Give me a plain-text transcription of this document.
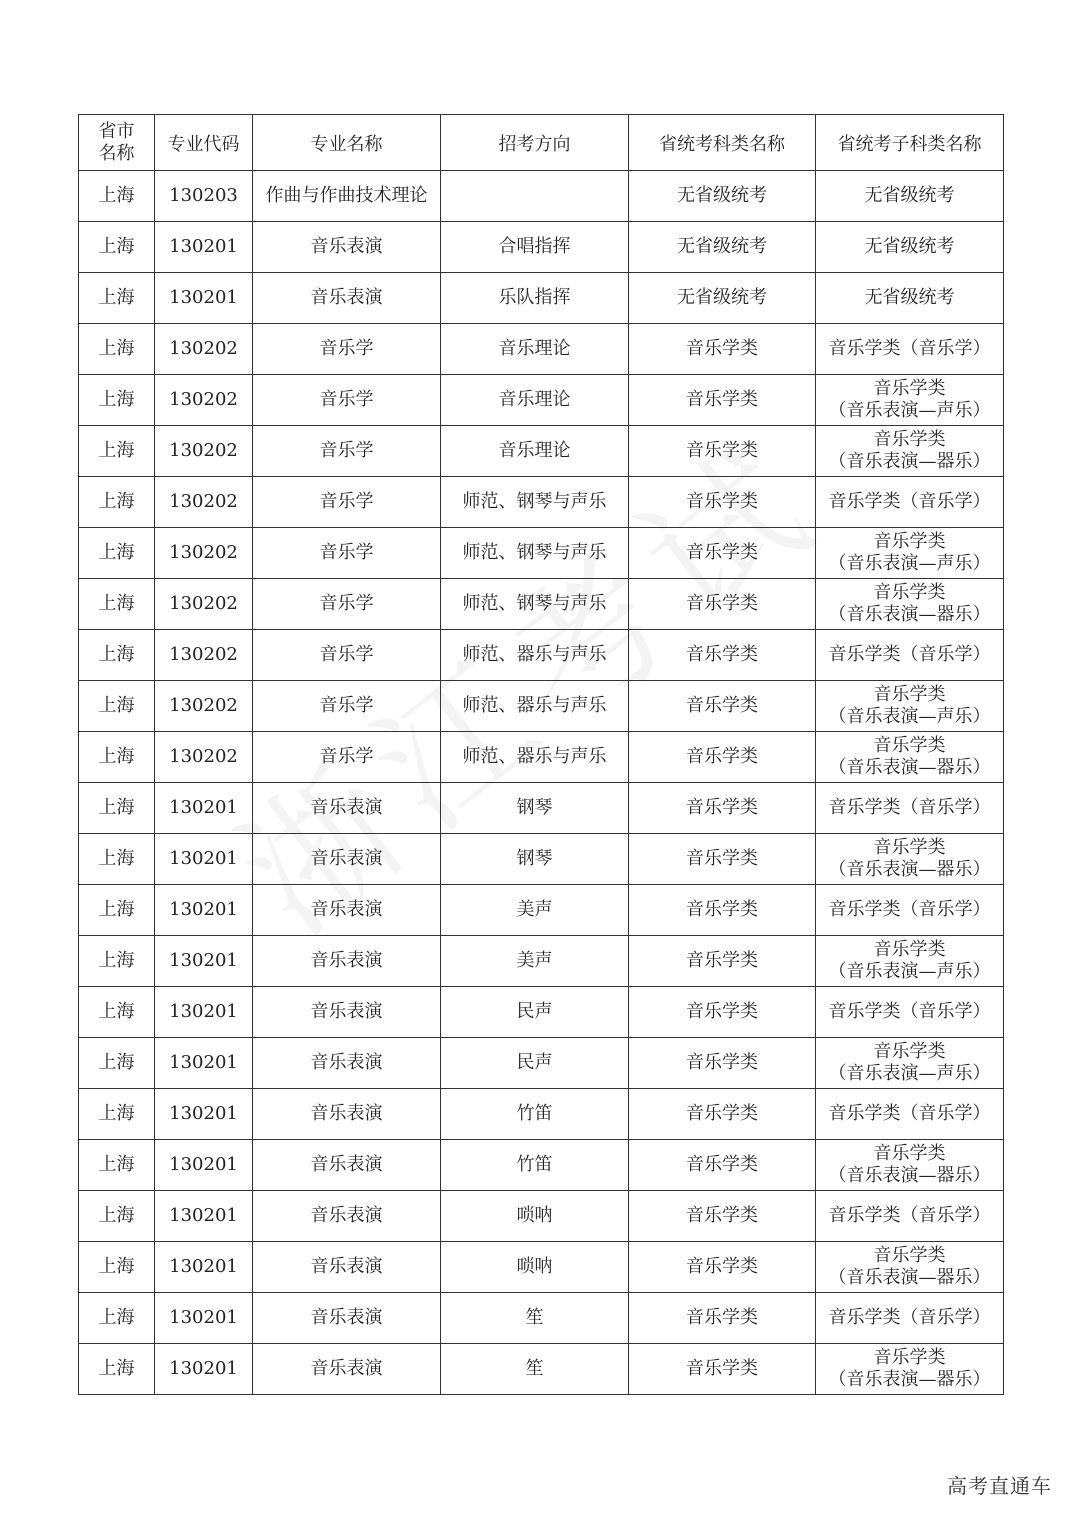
省市
名称	专业代码	专业名称	招考方向	省统考科类名称	省统考子科类名称
上海	130203	作曲与作曲技术理论		无省级统考	无省级统考

上海	130201	音乐表演	合唱指挥	无省级统考	无省级统考

上海	130201	音乐表演	乐队指挥	无省级统考	无省级统考

上海	130202	音乐学	音乐理论	音乐学类	音乐学类（音乐学）

上海	130202	音乐学	音乐理论	音乐学类	音乐学类
（音乐表演—声乐）

上海	130202	音乐学	音乐理论	音乐学类	音乐学类
（音乐表演—器乐）

上海	130202	音乐学	师范、钢琴与声乐	音乐学类	音乐学类（音乐学）

上海	130202	音乐学	师范、钢琴与声乐	音乐学类	音乐学类
（音乐表演—声乐）

上海	130202	音乐学	师范、钢琴与声乐	音乐学类	音乐学类
（音乐表演—器乐）

上海	130202	音乐学	师范、器乐与声乐	音乐学类	音乐学类（音乐学）

上海	130202	音乐学	师范、器乐与声乐	音乐学类	音乐学类
（音乐表演—声乐）

上海	130202	音乐学	师范、器乐与声乐	音乐学类	音乐学类
（音乐表演—器乐）

上海	130201	音乐表演	钢琴	音乐学类	音乐学类（音乐学）

上海	130201	音乐表演	钢琴	音乐学类	音乐学类
（音乐表演—器乐）

上海	130201	音乐表演	美声	音乐学类	音乐学类（音乐学）

上海	130201	音乐表演	美声	音乐学类	音乐学类
（音乐表演—声乐）

上海	130201	音乐表演	民声	音乐学类	音乐学类（音乐学）

上海	130201	音乐表演	民声	音乐学类	音乐学类
（音乐表演—声乐）

上海	130201	音乐表演	竹笛	音乐学类	音乐学类（音乐学）

上海	130201	音乐表演	竹笛	音乐学类	音乐学类
（音乐表演—器乐）

上海	130201	音乐表演	唢呐	音乐学类	音乐学类（音乐学）

上海	130201	音乐表演	唢呐	音乐学类	音乐学类
（音乐表演—器乐）

上海	130201	音乐表演	笙	音乐学类	音乐学类（音乐学）

上海	130201	音乐表演	笙	音乐学类	音乐学类
（音乐表演—器乐）
高考直通车
